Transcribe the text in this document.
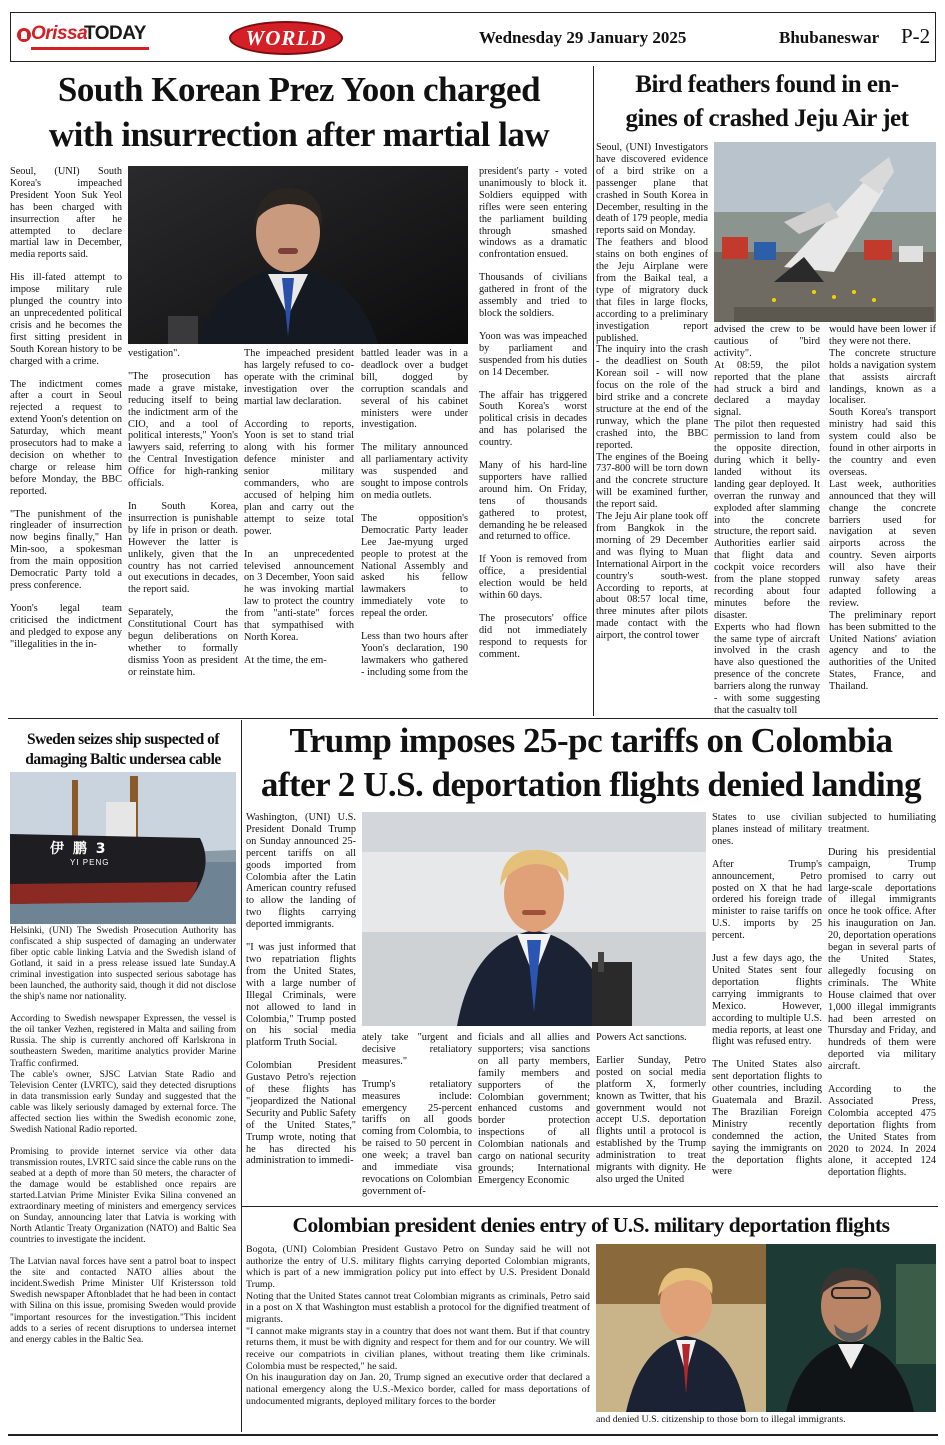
Orissa
TODAY	WORLD	Wednesday 29 January 2025	Bhubaneswar P-2
South Korean Prez Yoon charged
with insurrection after martial law

Seoul, (UNI) South Korea's impeached President Yoon Suk Yeol has been charged with insurrection after he attempted to declare martial law in December, media reports said.

His ill-fated attempt to impose military rule plunged the country into an unprecedented political crisis and he becomes the first sitting president in South Korean history to be charged with a crime.

The indictment comes after a court in Seoul rejected a request to extend Yoon's detention on Saturday, which meant prosecutors had to make a decision on whether to charge or release him before Monday, the BBC reported.

"The punishment of the ringleader of insurrection now begins finally," Han Min-soo, a spokesman from the main opposition Democratic Party told a press conference.

Yoon's legal team criticised the indictment and pledged to expose any "illegalities in the in-

vestigation".

"The prosecution has made a grave mistake, reducing itself to being the indictment arm of the CIO, and a tool of political interests," Yoon's lawyers said, referring to the Central Investigation Office for high-ranking officials.

In South Korea, insurrection is punishable by life in prison or death. However the latter is unlikely, given that the country has not carried out executions in decades, the report said.

Separately, the Constitutional Court has begun deliberations on whether to formally dismiss Yoon as president or reinstate him.

The impeached president has largely refused to co-operate with the criminal investigation over the martial law declaration.

According to reports, Yoon is set to stand trial along with his former defence minister and senior military commanders, who are accused of helping him plan and carry out the attempt to seize total power.

In an unprecedented televised announcement on 3 December, Yoon said he was invoking martial law to protect the country from "anti-state" forces that sympathised with North Korea.

At the time, the em-

battled leader was in a deadlock over a budget bill, dogged by corruption scandals and several of his cabinet ministers were under investigation.

The military announced all parliamentary activity was suspended and sought to impose controls on media outlets.

The opposition's Democratic Party leader Lee Jae-myung urged people to protest at the National Assembly and asked his fellow lawmakers to immediately vote to repeal the order.

Less than two hours after Yoon's declaration, 190 lawmakers who gathered - including some from the

president's party - voted unanimously to block it. Soldiers equipped with rifles were seen entering the parliament building through smashed windows as a dramatic confrontation ensued.

Thousands of civilians gathered in front of the assembly and tried to block the soldiers.

Yoon was was impeached by parliament and suspended from his duties on 14 December.

The affair has triggered South Korea's worst political crisis in decades and has polarised the country.

Many of his hard-line supporters have rallied around him. On Friday, tens of thousands gathered to protest, demanding he be released and returned to office.

If Yoon is removed from office, a presidential election would be held within 60 days.

The prosecutors' office did not immediately respond to requests for comment.

Bird feathers found in en-
gines of crashed Jeju Air jet

Seoul, (UNI) Investigators have discovered evidence of a bird strike on a passenger plane that crashed in South Korea in December, resulting in the death of 179 people, media reports said on Monday.

The feathers and blood stains on both engines of the Jeju Airplane were from the Baikal teal, a type of migratory duck that files in large flocks, according to a preliminary investigation report published.

The inquiry into the crash - the deadliest on South Korean soil - will now focus on the role of the bird strike and a concrete structure at the end of the runway, which the plane crashed into, the BBC reported.

The engines of the Boeing 737-800 will be torn down and the concrete structure will be examined further, the report said.

The Jeju Air plane took off from Bangkok in the morning of 29 December and was flying to Muan International Airport in the country's south-west. According to reports, at about 08:57 local time, three minutes after pilots made contact with the airport, the control tower

advised the crew to be cautious of "bird activity".

At 08:59, the pilot reported that the plane had struck a bird and declared a mayday signal.

The pilot then requested permission to land from the opposite direction, during which it belly-landed without its landing gear deployed. It overran the runway and exploded after slamming into the concrete structure, the report said.

Authorities earlier said that flight data and cockpit voice recorders from the plane stopped recording about four minutes before the disaster.

Experts who had flown the same type of aircraft involved in the crash have also questioned the presence of the concrete barriers along the runway - with some suggesting that the casualty toll

would have been lower if they were not there.

The concrete structure holds a navigation system that assists aircraft landings, known as a localiser.

South Korea's transport ministry had said this system could also be found in other airports in the country and even overseas.

Last week, authorities announced that they will change the concrete barriers used for navigation at seven airports across the country. Seven airports will also have their runway safety areas adapted following a review.

The preliminary report has been submitted to the United Nations' aviation agency and to the authorities of the United States, France, and Thailand.

Sweden seizes ship suspected of
damaging Baltic undersea cable
伊 鹏 3
YI PENG

Helsinki, (UNI) The Swedish Prosecution Authority has confiscated a ship suspected of damaging an underwater fiber optic cable linking Latvia and the Swedish island of Gotland, it said in a press release issued late Sunday.A criminal investigation into suspected serious sabotage has been launched, the authority said, though it did not disclose the ship's name nor nationality.

According to Swedish newspaper Expressen, the vessel is the oil tanker Vezhen, registered in Malta and sailing from Russia. The ship is currently anchored off Karlskrona in southeastern Sweden, maritime analytics provider Marine Traffic confirmed.

The cable's owner, SJSC Latvian State Radio and Television Center (LVRTC), said they detected disruptions in data transmission early Sunday and suggested that the cable was likely seriously damaged by external force. The affected section lies within the Swedish economic zone, Swedish National Radio reported.

Promising to provide internet service via other data transmission routes, LVRTC said since the cable runs on the seabed at a depth of more than 50 meters, the character of the damage would be established once repairs are started.Latvian Prime Minister Evika Silina convened an extraordinary meeting of ministers and emergency services on Sunday, announcing later that Latvia is working with North Atlantic Treaty Organization (NATO) and Baltic Sea countries to investigate the incident.

The Latvian naval forces have sent a patrol boat to inspect the site and contacted NATO allies about the incident.Swedish Prime Minister Ulf Kristersson told Swedish newspaper Aftonbladet that he had been in contact with Silina on this issue, promising Sweden would provide "important resources for the investigation."This incident adds to a series of recent disruptions to undersea internet and energy cables in the Baltic Sea.

Trump imposes 25-pc tariffs on Colombia
after 2 U.S. deportation flights denied landing

Washington, (UNI) U.S. President Donald Trump on Sunday announced 25-percent tariffs on all goods imported from Colombia after the Latin American country refused to allow the landing of two flights carrying deported immigrants.

"I was just informed that two repatriation flights from the United States, with a large number of Illegal Criminals, were not allowed to land in Colombia," Trump posted on his social media platform Truth Social.

Colombian President Gustavo Petro's rejection of these flights has "jeopardized the National Security and Public Safety of the United States," Trump wrote, noting that he has directed his administration to immedi-

ately take "urgent and decisive retaliatory measures."

Trump's retaliatory measures include: emergency 25-percent tariffs on all goods coming from Colombia, to be raised to 50 percent in one week; a travel ban and immediate visa revocations on Colombian government of-

ficials and all allies and supporters; visa sanctions on all party members, family members and supporters of the Colombian government; enhanced customs and border protection inspections of all Colombian nationals and cargo on national security grounds; International Emergency Economic

Powers Act sanctions.

Earlier Sunday, Petro posted on social media platform X, formerly known as Twitter, that his government would not accept U.S. deportation flights until a protocol is established by the Trump administration to treat migrants with dignity. He also urged the United

States to use civilian planes instead of military ones.

After Trump's announcement, Petro posted on X that he had ordered his foreign trade minister to raise tariffs on U.S. imports by 25 percent.

Just a few days ago, the United States sent four deportation flights carrying immigrants to Mexico. However, according to multiple U.S. media reports, at least one flight was refused entry.

The United States also sent deportation flights to other countries, including Guatemala and Brazil. The Brazilian Foreign Ministry recently condemned the action, saying the immigrants on the deportation flights were

subjected to humiliating treatment.

During his presidential campaign, Trump promised to carry out large-scale deportations of illegal immigrants once he took office. After his inauguration on Jan. 20, deportation operations began in several parts of the United States, allegedly focusing on criminals. The White House claimed that over 1,000 illegal immigrants had been arrested on Thursday and Friday, and hundreds of them were deported via military aircraft.

According to the Associated Press, Colombia accepted 475 deportation flights from the United States from 2020 to 2024. In 2024 alone, it accepted 124 deportation flights.

Colombian president denies entry of U.S. military deportation flights

Bogota, (UNI) Colombian President Gustavo Petro on Sunday said he will not authorize the entry of U.S. military flights carrying deported Colombian migrants, which is part of a new immigration policy put into effect by U.S. President Donald Trump.

Noting that the United States cannot treat Colombian migrants as criminals, Petro said in a post on X that Washington must establish a protocol for the dignified treatment of migrants.

"I cannot make migrants stay in a country that does not want them. But if that country returns them, it must be with dignity and respect for them and for our country. We will receive our compatriots in civilian planes, without treating them like criminals. Colombia must be respected," he said.

On his inauguration day on Jan. 20, Trump signed an executive order that declared a national emergency along the U.S.-Mexico border, called for mass deportations of undocumented migrants, deployed military forces to the border

and denied U.S. citizenship to those born to illegal immigrants.
